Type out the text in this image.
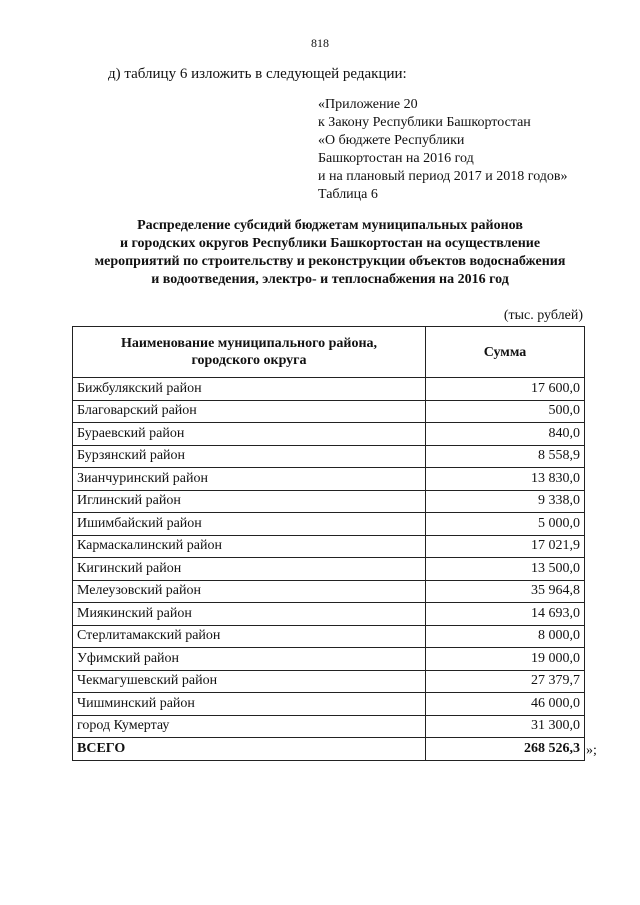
818
д) таблицу 6 изложить в следующей редакции:
«Приложение 20
к Закону Республики Башкортостан
«О бюджете Республики
Башкортостан на 2016 год
и на плановый период 2017 и 2018 годов»
Таблица 6
Распределение субсидий бюджетам муниципальных районов
и городских округов Республики Башкортостан на осуществление
мероприятий по строительству и реконструкции объектов водоснабжения
и водоотведения, электро- и теплоснабжения на 2016 год
(тыс. рублей)
Наименование муниципального района,
городского округа	Сумма
Бижбулякский район	17 600,0
Благоварский район	500,0
Бураевский район	840,0
Бурзянский район	8 558,9
Зианчуринский район	13 830,0
Иглинский район	9 338,0
Ишимбайский район	5 000,0
Кармаскалинский район	17 021,9
Кигинский район	13 500,0
Мелеузовский район	35 964,8
Миякинский район	14 693,0
Стерлитамакский район	8 000,0
Уфимский район	19 000,0
Чекмагушевский район	27 379,7
Чишминский район	46 000,0
город Кумертау	31 300,0
ВСЕГО	268 526,3 »;
